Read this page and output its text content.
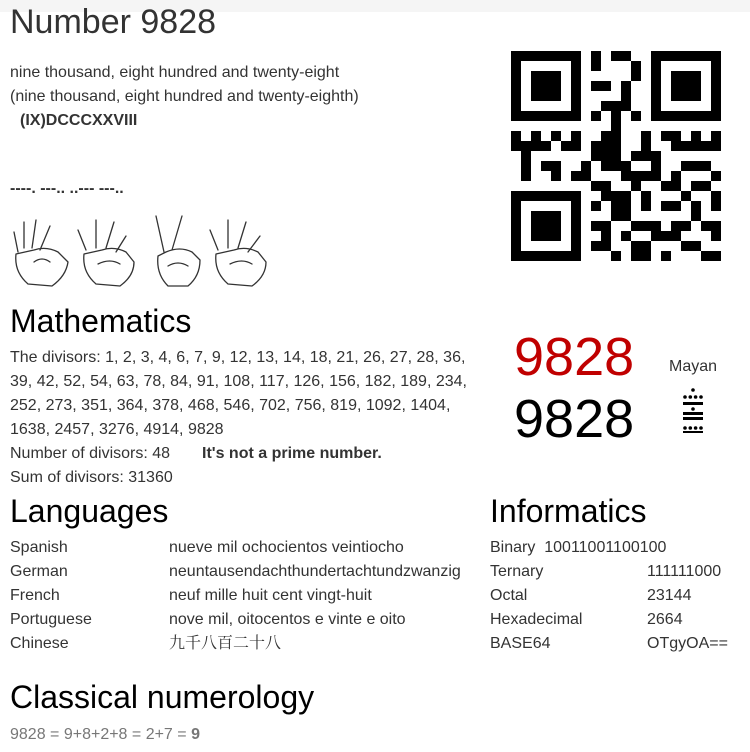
Number 9828
nine thousand, eight hundred and twenty-eight
(nine thousand, eight hundred and twenty-eighth)
(IX)DCCCXXVIII
----. ---.. ..--- ---..
Mathematics
The divisors: 1, 2, 3, 4, 6, 7, 9, 12, 13, 14, 18, 21, 26, 27, 28, 36,
39, 42, 52, 54, 63, 78, 84, 91, 108, 117, 126, 156, 182, 189, 234,
252, 273, 351, 364, 378, 468, 546, 702, 756, 819, 1092, 1404,
1638, 2457, 3276, 4914, 9828
Number of divisors: 48 It's not a prime number.
Sum of divisors: 31360
9828
9828
Mayan
Languages
Spanish	nueve mil ochocientos veintiocho
German	neuntausendachthundertachtundzwanzig
French	neuf mille huit cent vingt-huit
Portuguese	nove mil, oitocentos e vinte e oito
Chinese	九千八百二十八
Informatics
Binary  10011001100100
Ternary	111111000
Octal	23144
Hexadecimal	2664
BASE64	OTgyOA==
Classical numerology
9828 = 9+8+2+8 = 2+7 = 9
